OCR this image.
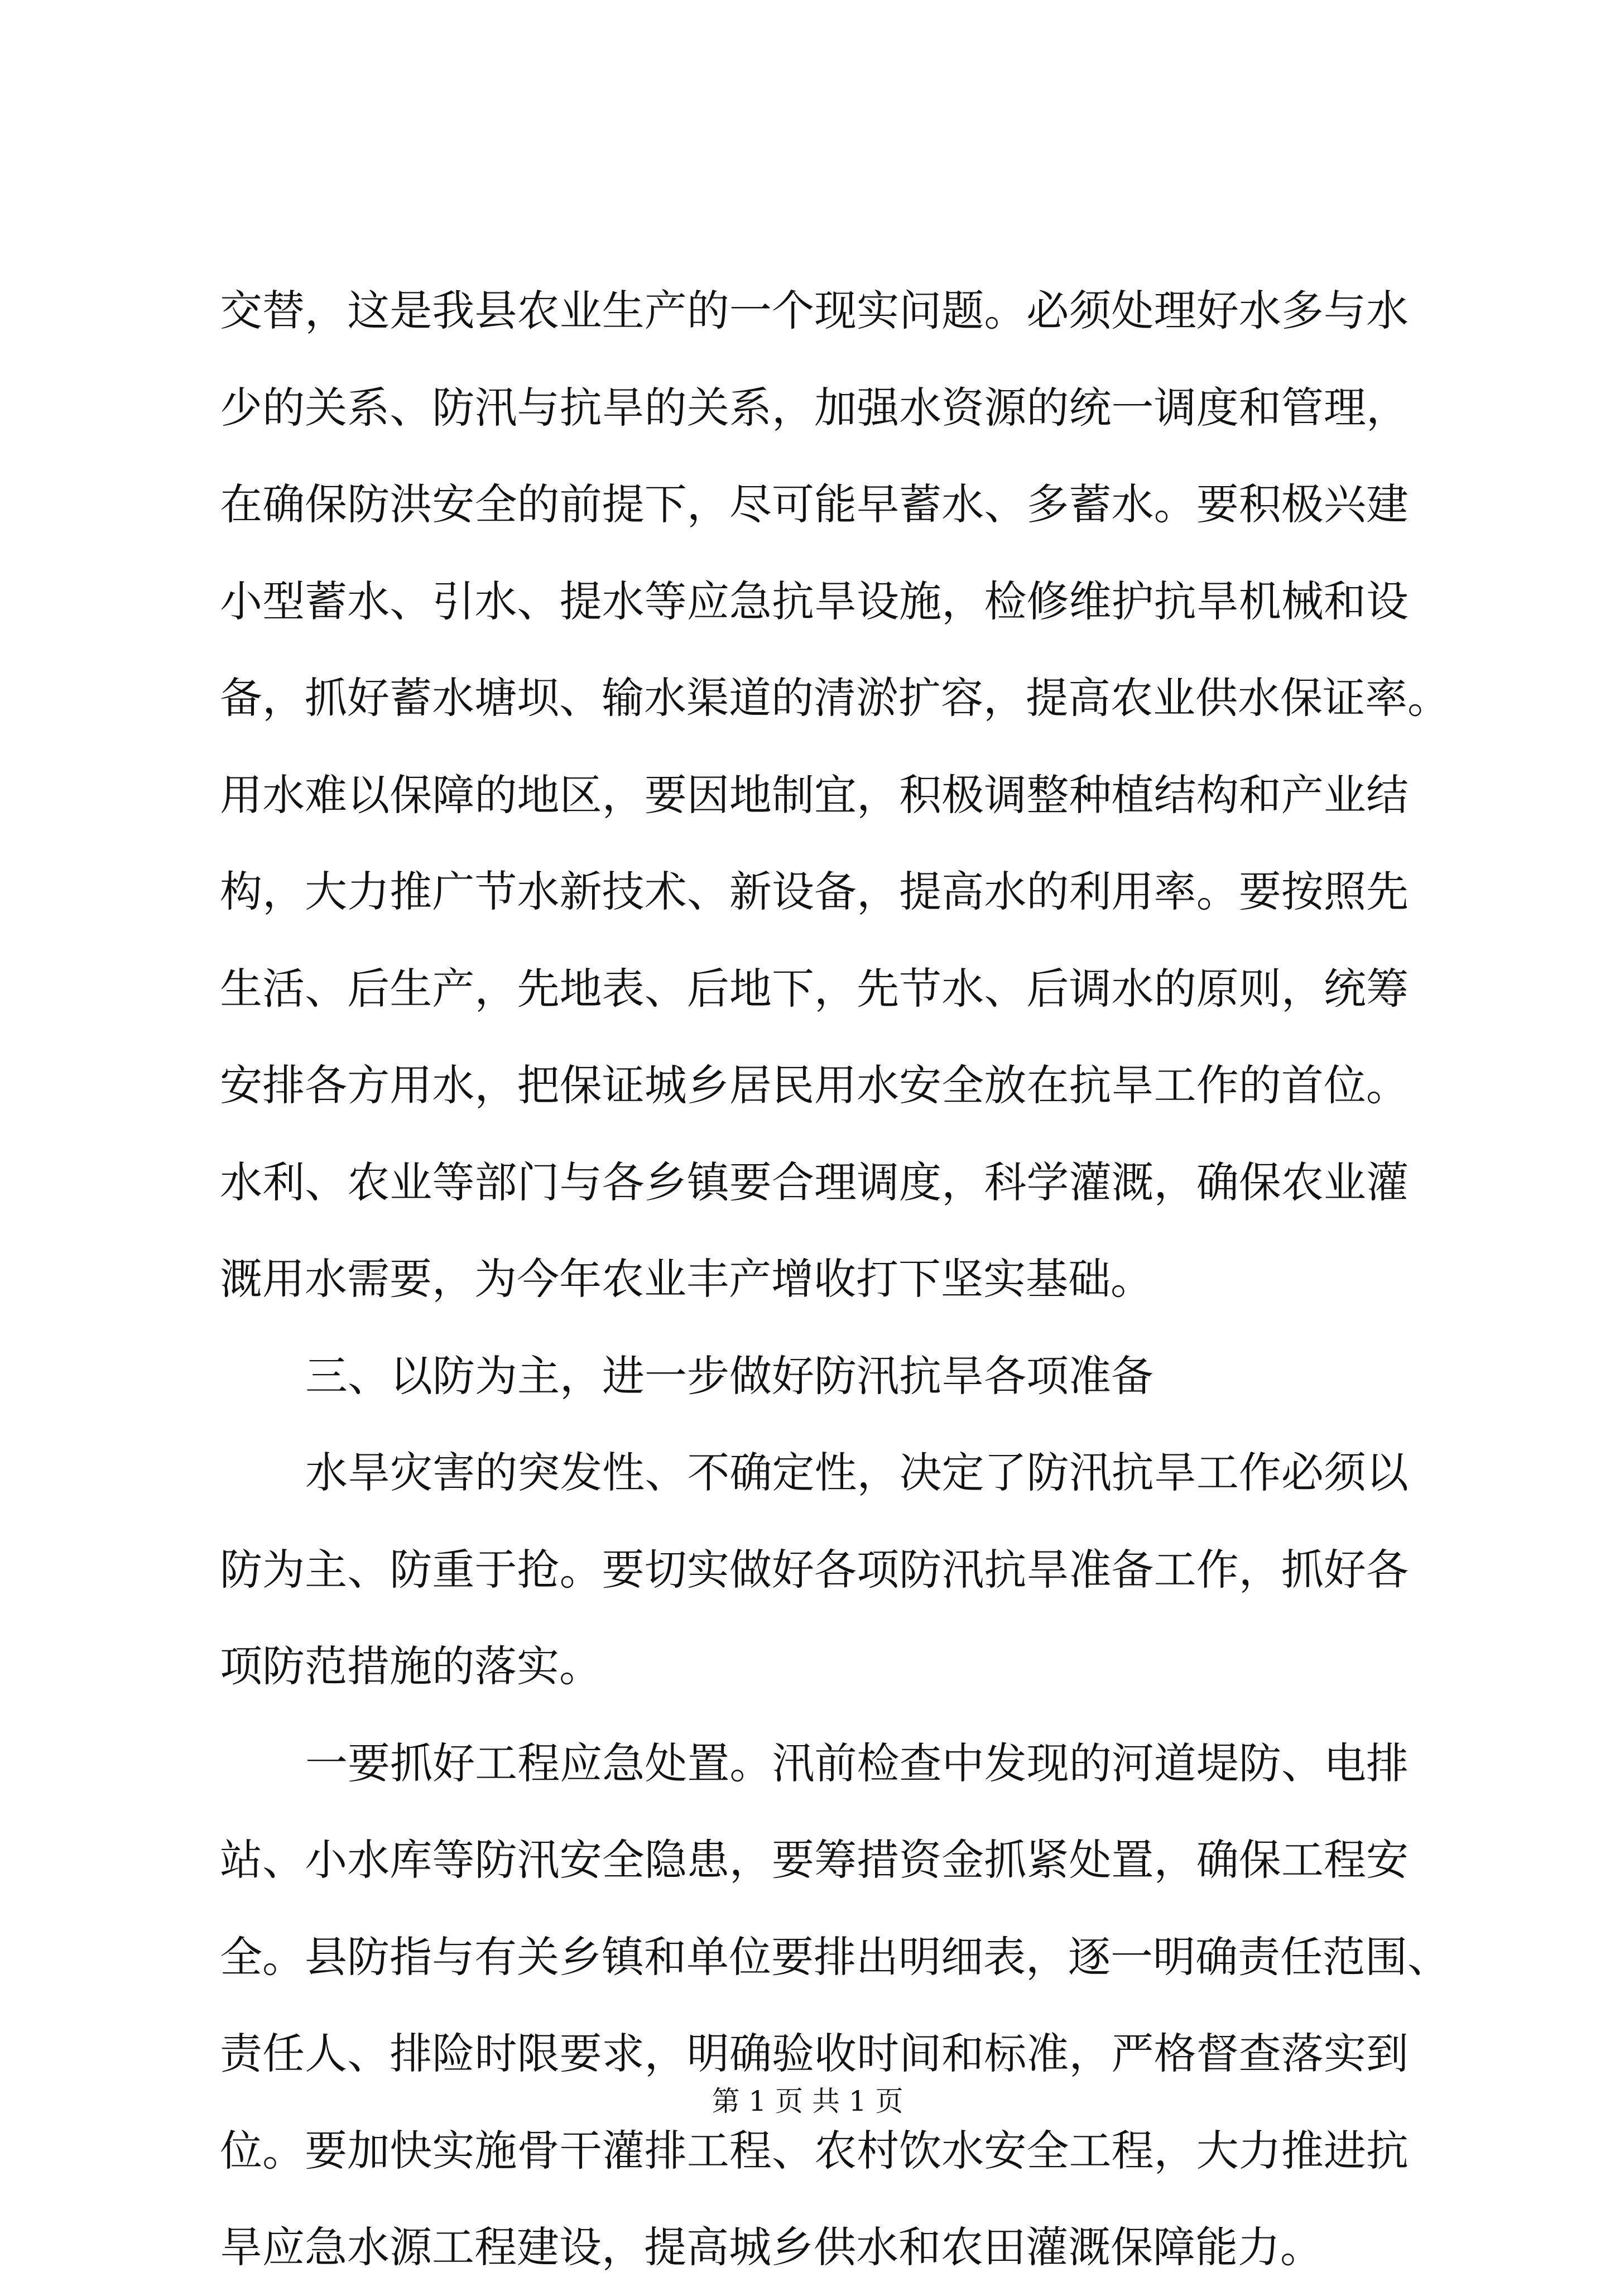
交替，这是我县农业生产的一个现实问题。必须处理好水多与水
少的关系、防汛与抗旱的关系，加强水资源的统一调度和管理，
在确保防洪安全的前提下，尽可能早蓄水、多蓄水。要积极兴建
小型蓄水、引水、提水等应急抗旱设施，检修维护抗旱机械和设
备，抓好蓄水塘坝、输水渠道的清淤扩容，提高农业供水保证率。
用水难以保障的地区，要因地制宜，积极调整种植结构和产业结
构，大力推广节水新技术、新设备，提高水的利用率。要按照先
生活、后生产，先地表、后地下，先节水、后调水的原则，统筹
安排各方用水，把保证城乡居民用水安全放在抗旱工作的首位。
水利、农业等部门与各乡镇要合理调度，科学灌溉，确保农业灌
溉用水需要，为今年农业丰产增收打下坚实基础。
三、以防为主，进一步做好防汛抗旱各项准备
水旱灾害的突发性、不确定性，决定了防汛抗旱工作必须以
防为主、防重于抢。要切实做好各项防汛抗旱准备工作，抓好各
项防范措施的落实。
一要抓好工程应急处置。汛前检查中发现的河道堤防、电排
站、小水库等防汛安全隐患，要筹措资金抓紧处置，确保工程安
全。县防指与有关乡镇和单位要排出明细表，逐一明确责任范围、
责任人、排险时限要求，明确验收时间和标准，严格督查落实到
位。要加快实施骨干灌排工程、农村饮水安全工程，大力推进抗
旱应急水源工程建设，提高城乡供水和农田灌溉保障能力。
第 1 页 共 1 页
